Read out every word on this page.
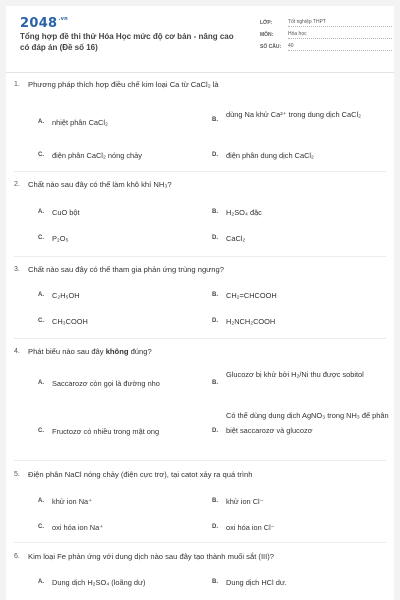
$2048^{.vn}$
Tổng hợp đề thi thử Hóa Học mức độ cơ bản - nâng cao có đáp án (Đề số 16)
LỚP:	Tốt nghiệp THPT
MÔN:	Hóa học
SỐ CÂU:	40
1. Phương pháp thích hợp điều chế kim loại Ca từ CaCl₂ là
A.	nhiệt phân CaCl₂	B.
dùng Na khử Ca²⁺ trong dung dịch CaCl₂
C.	điện phân CaCl₂ nóng chảy	D.	điện phân dung dịch CaCl₂
2. Chất nào sau đây có thể làm khô khí NH₃?
A.	CuO bột	B.	H₂SO₄ đặc
C.	P₂O₅	D.	CaCl₂
3. Chất nào sau đây có thể tham gia phản ứng trùng ngưng?
A.	C₂H₅OH	B.	CH₂=CHCOOH
C.	CH₃COOH	D.	H₂NCH₂COOH
4. Phát biểu nào sau đây không đúng?
A.	Saccarozơ còn gọi là đường nho	B.
Glucozơ bị khử bởi H₂/Ni thu được sobitol
C.	Fructozơ có nhiều trong mật ong	D.
Có thể dùng dung dịch AgNO₃ trong NH₃ để phân biệt saccarozơ và glucozơ
5. Điện phân NaCl nóng chảy (điện cực trơ), tại catot xảy ra quá trình
A.	khử ion Na⁺	B.	khử ion Cl⁻
C.	oxi hóa ion Na⁺	D.	oxi hóa ion Cl⁻
6. Kim loại Fe phản ứng với dung dịch nào sau đây tạo thành muối sắt (III)?
A.	Dung dịch H₂SO₄ (loãng dư)	B.	Dung dịch HCl dư.
